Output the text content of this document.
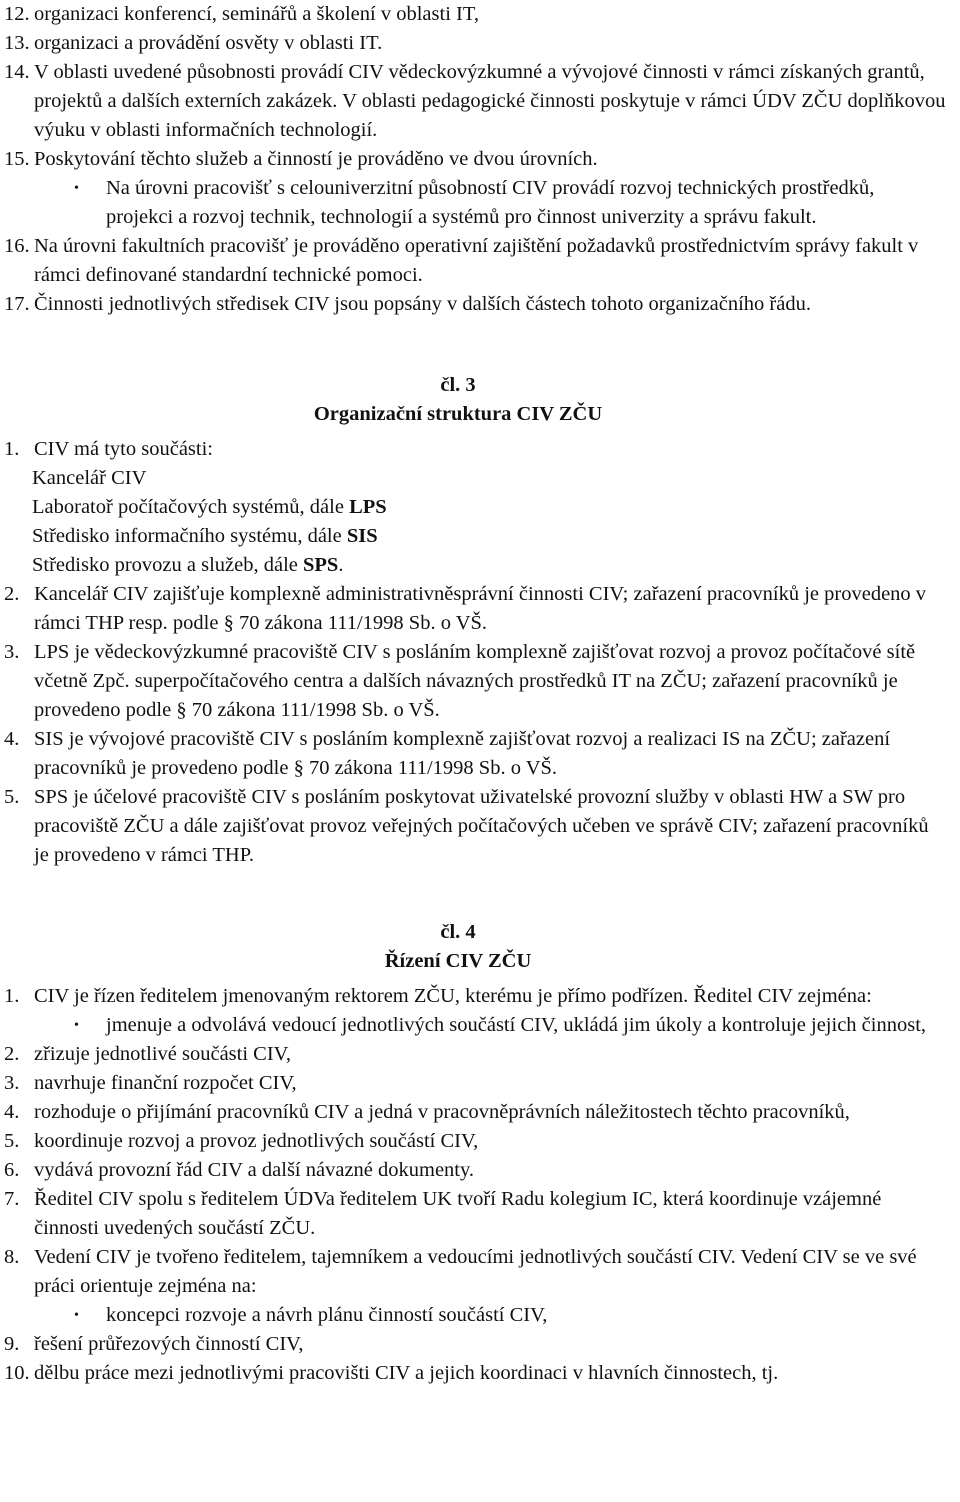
12. organizaci konferencí, seminářů a školení v oblasti IT,
13. organizaci a provádění osvěty v oblasti IT.
14. V oblasti uvedené působnosti provádí CIV vědeckovýzkumné a vývojové činnosti v rámci získaných grantů, projektů a dalších externích zakázek. V oblasti pedagogické činnosti poskytuje v rámci ÚDV ZČU doplňkovou výuku v oblasti informačních technologií.
15. Poskytování těchto služeb a činností je prováděno ve dvou úrovních.
• Na úrovni pracovišť s celouniverzitní působností CIV provádí rozvoj technických prostředků, projekci a rozvoj technik, technologií a systémů pro činnost univerzity a správu fakult.
16. Na úrovni fakultních pracovišť je prováděno operativní zajištění požadavků prostřednictvím správy fakult v rámci definované standardní technické pomoci.
17. Činnosti jednotlivých středisek CIV jsou popsány v dalších částech tohoto organizačního řádu.
čl. 3
Organizační struktura CIV ZČU
1. CIV má tyto součásti:
Kancelář CIV
Laboratoř počítačových systémů, dále LPS
Středisko informačního systému, dále SIS
Středisko provozu a služeb, dále SPS.
2. Kancelář CIV zajišťuje komplexně administrativněsprávní činnosti CIV; zařazení pracovníků je provedeno v rámci THP resp. podle § 70 zákona 111/1998 Sb. o VŠ.
3. LPS je vědeckovýzkumné pracoviště CIV s posláním komplexně zajišťovat rozvoj a provoz počítačové sítě včetně Zpč. superpočítačového centra a dalších návazných prostředků IT na ZČU; zařazení pracovníků je provedeno podle § 70 zákona 111/1998 Sb. o VŠ.
4. SIS je vývojové pracoviště CIV s posláním komplexně zajišťovat rozvoj a realizaci IS na ZČU; zařazení pracovníků je provedeno podle § 70 zákona 111/1998 Sb. o VŠ.
5. SPS je účelové pracoviště CIV s posláním poskytovat uživatelské provozní služby v oblasti HW a SW pro pracoviště ZČU a dále zajišťovat provoz veřejných počítačových učeben ve správě CIV; zařazení pracovníků je provedeno v rámci THP.
čl. 4
Řízení CIV ZČU
1. CIV je řízen ředitelem jmenovaným rektorem ZČU, kterému je přímo podřízen. Ředitel CIV zejména:
• jmenuje a odvolává vedoucí jednotlivých součástí CIV, ukládá jim úkoly a kontroluje jejich činnost,
2. zřizuje jednotlivé součásti CIV,
3. navrhuje finanční rozpočet CIV,
4. rozhoduje o přijímání pracovníků CIV a jedná v pracovněprávních náležitostech těchto pracovníků,
5. koordinuje rozvoj a provoz jednotlivých součástí CIV,
6. vydává provozní řád CIV a další návazné dokumenty.
7. Ředitel CIV spolu s ředitelem ÚDVa ředitelem UK tvoří Radu kolegium IC, která koordinuje vzájemné činnosti uvedených součástí ZČU.
8. Vedení CIV je tvořeno ředitelem, tajemníkem a vedoucími jednotlivých součástí CIV. Vedení CIV se ve své práci orientuje zejména na:
• koncepci rozvoje a návrh plánu činností součástí CIV,
9. řešení průřezových činností CIV,
10. dělbu práce mezi jednotlivými pracovišti CIV a jejich koordinaci v hlavních činnostech, tj.
